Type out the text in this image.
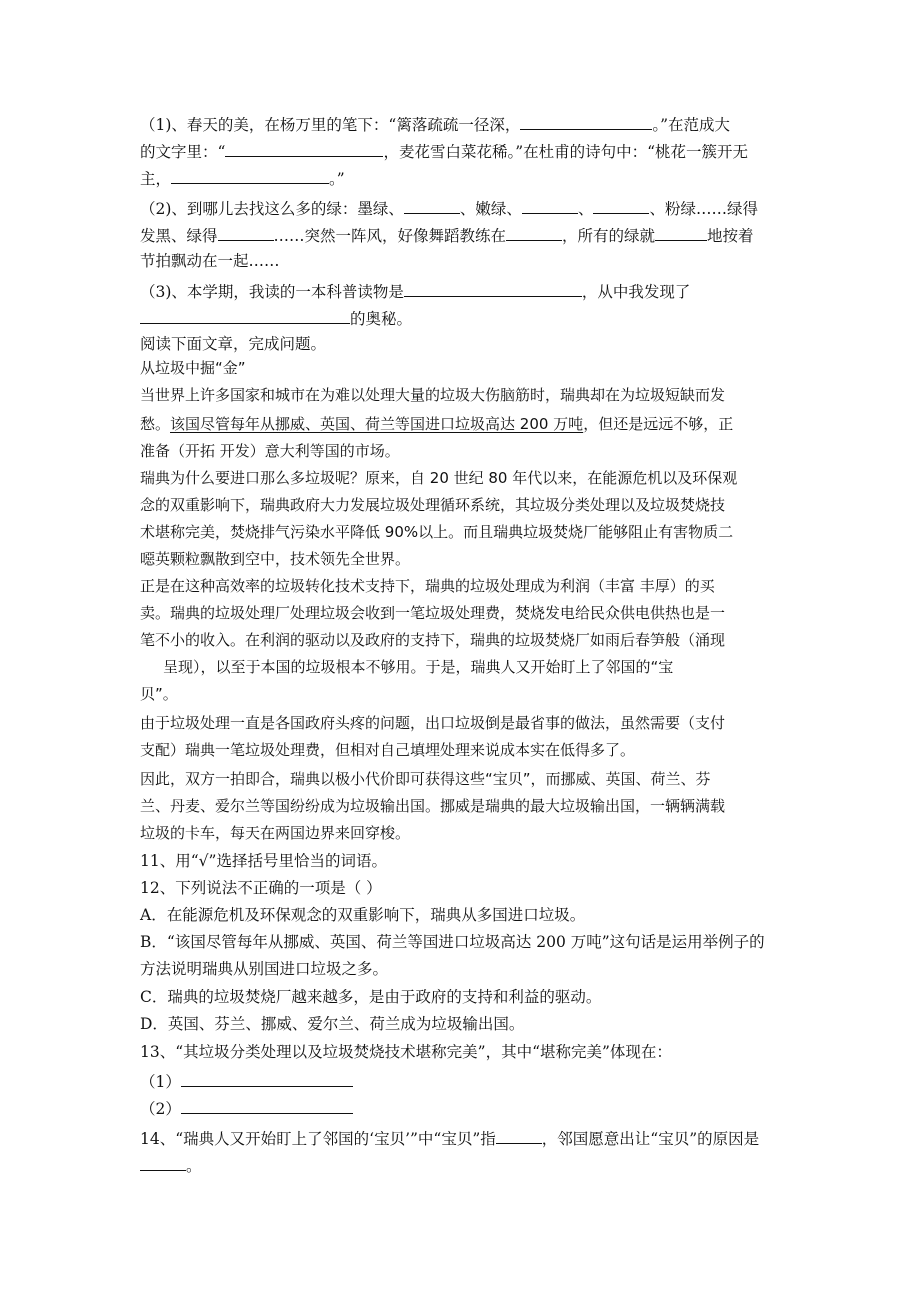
（1)、春天的美，在杨万里的笔下：“篱落疏疏一径深，	。”在范成大
的文字里：“	，麦花雪白菜花稀。”在杜甫的诗句中：“桃花一簇开无
主，	。”
（2)、到哪儿去找这么多的绿：墨绿、	、嫩绿、	、	、粉绿……绿得
发黑、绿得	……突然一阵风，好像舞蹈教练在	，所有的绿就	地按着
节拍飘动在一起……
（3)、本学期，我读的一本科普读物是	，从中我发现了
的奥秘。
阅读下面文章，完成问题。
从垃圾中掘“金”
当世界上许多国家和城市在为难以处理大量的垃圾大伤脑筋时，瑞典却在为垃圾短缺而发
愁。该国尽管每年从挪威、英国、荷兰等国进口垃圾高达 200 万吨，但还是远远不够，正
准备（开拓 开发）意大利等国的市场。
瑞典为什么要进口那么多垃圾呢？原来，自 20 世纪 80 年代以来，在能源危机以及环保观
念的双重影响下，瑞典政府大力发展垃圾处理循环系统，其垃圾分类处理以及垃圾焚烧技
术堪称完美，焚烧排气污染水平降低 90%以上。而且瑞典垃圾焚烧厂能够阻止有害物质二
噁英颗粒飘散到空中，技术领先全世界。
正是在这种高效率的垃圾转化技术支持下，瑞典的垃圾处理成为利润（丰富 丰厚）的买
卖。瑞典的垃圾处理厂处理垃圾会收到一笔垃圾处理费，焚烧发电给民众供电供热也是一
笔不小的收入。在利润的驱动以及政府的支持下，瑞典的垃圾焚烧厂如雨后春笋般（涌现
呈现），以至于本国的垃圾根本不够用。于是，瑞典人又开始盯上了邻国的“宝
贝”。
由于垃圾处理一直是各国政府头疼的问题，出口垃圾倒是最省事的做法，虽然需要（支付
支配）瑞典一笔垃圾处理费，但相对自己填埋处理来说成本实在低得多了。
因此，双方一拍即合，瑞典以极小代价即可获得这些“宝贝”，而挪威、英国、荷兰、芬
兰、丹麦、爱尔兰等国纷纷成为垃圾输出国。挪威是瑞典的最大垃圾输出国，一辆辆满载
垃圾的卡车，每天在两国边界来回穿梭。
11、用“√”选择括号里恰当的词语。
12、下列说法不正确的一项是（ ）
A．在能源危机及环保观念的双重影响下，瑞典从多国进口垃圾。
B．“该国尽管每年从挪威、英国、荷兰等国进口垃圾高达 200 万吨”这句话是运用举例子的
方法说明瑞典从别国进口垃圾之多。
C．瑞典的垃圾焚烧厂越来越多，是由于政府的支持和利益的驱动。
D．英国、芬兰、挪威、爱尔兰、荷兰成为垃圾输出国。
13、“其垃圾分类处理以及垃圾焚烧技术堪称完美”，其中“堪称完美”体现在：
（1）
（2）
14、“瑞典人又开始盯上了邻国的‘宝贝’”中“宝贝”指	，邻国愿意出让“宝贝”的原因是
。
